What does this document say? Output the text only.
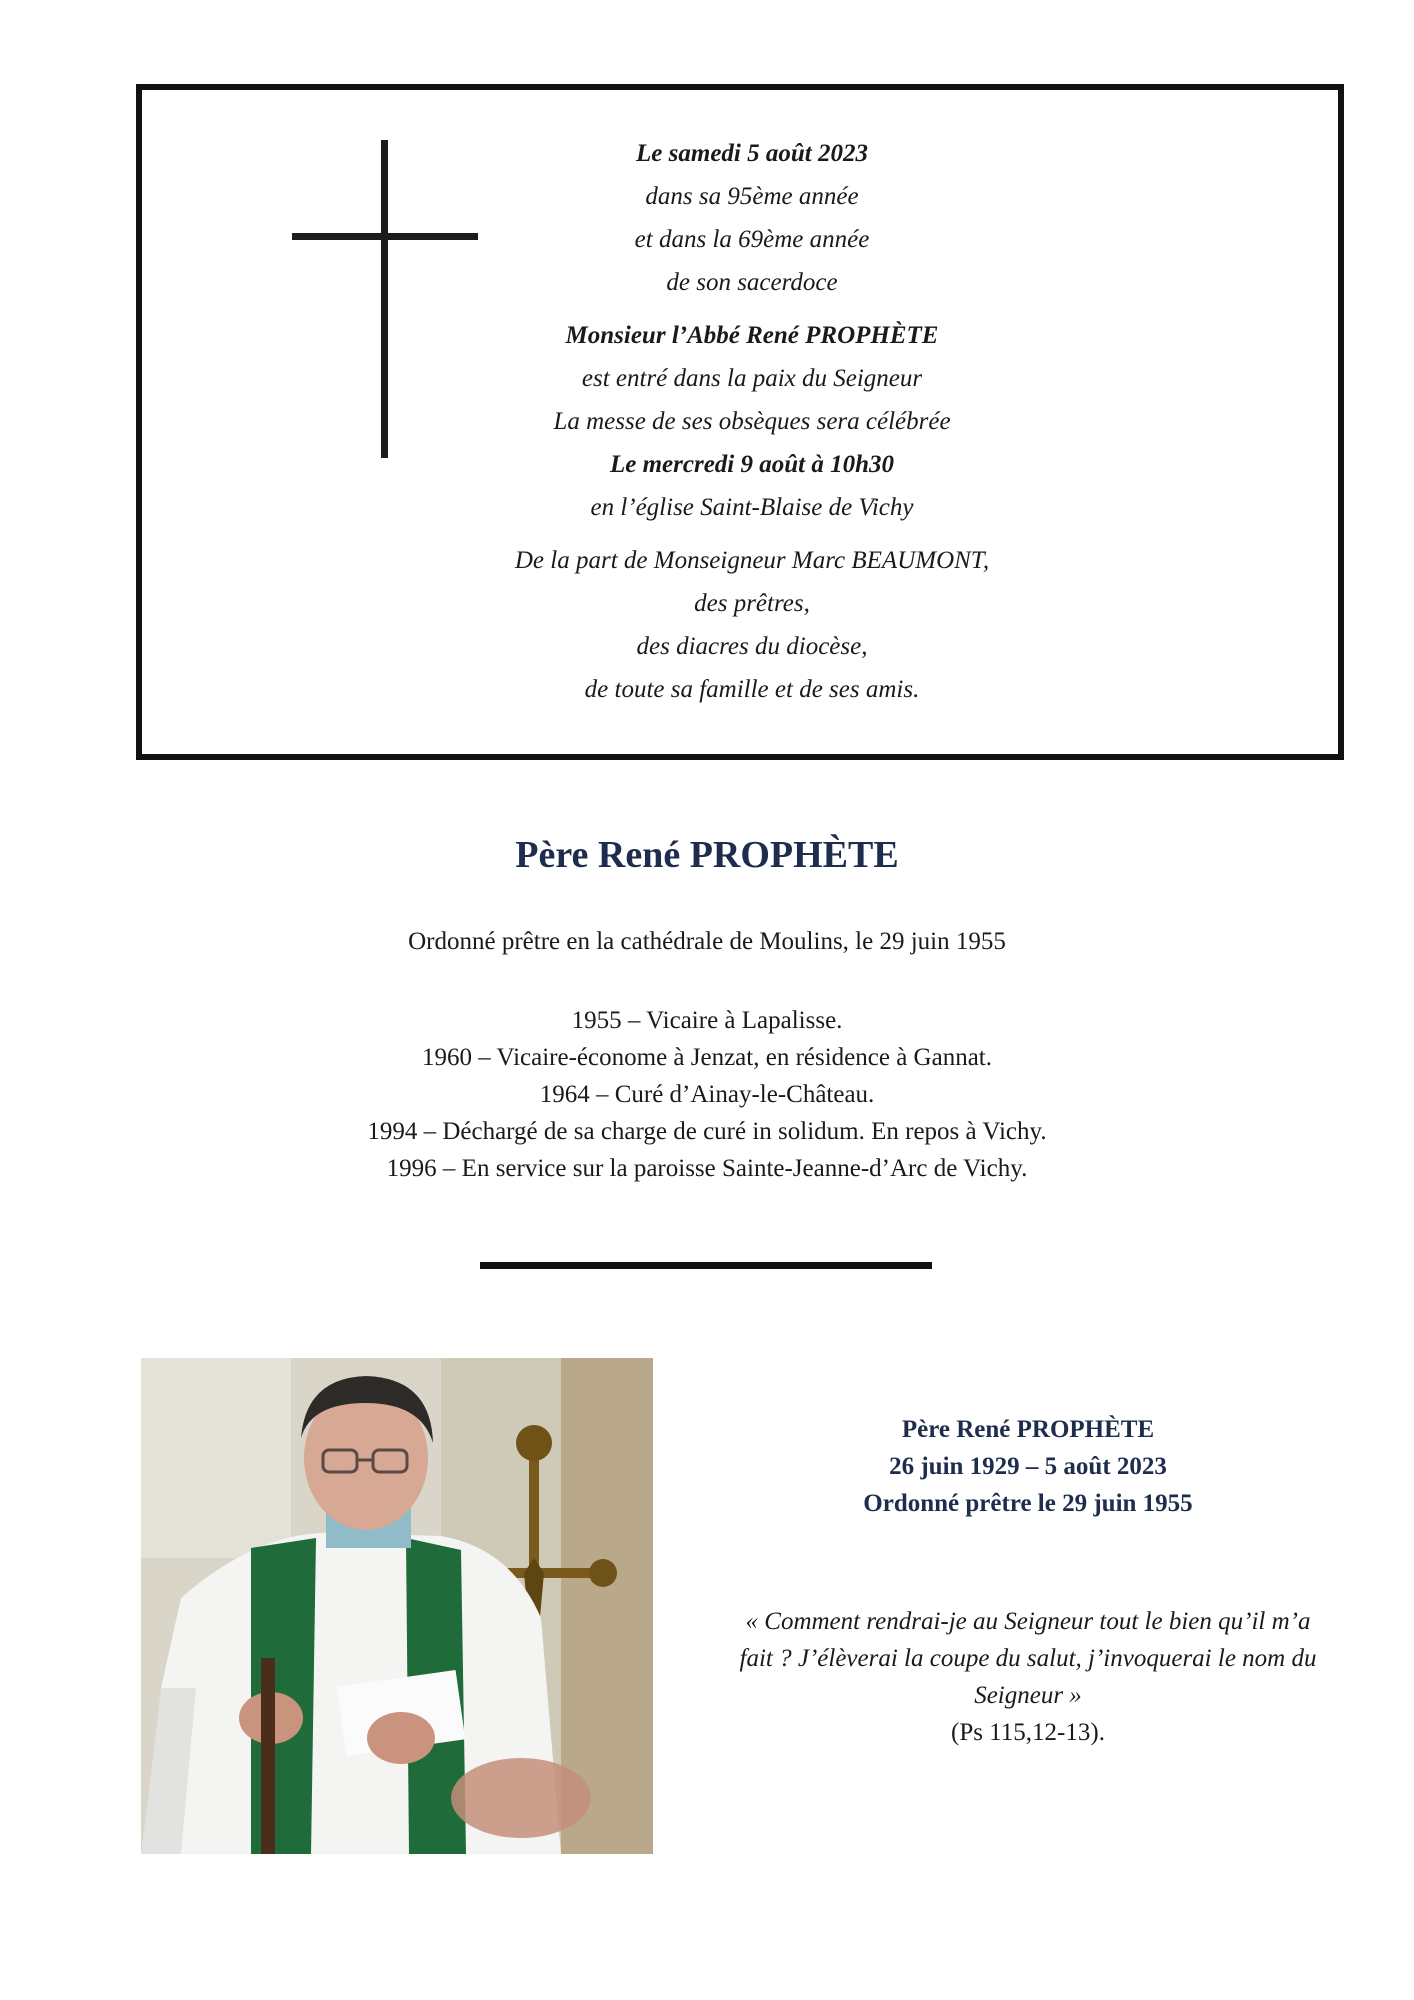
Le samedi 5 août 2023
dans sa 95ème année
et dans la 69ème année
de son sacerdoce
Monsieur l’Abbé René PROPHÈTE
est entré dans la paix du Seigneur
La messe de ses obsèques sera célébrée
Le mercredi 9 août à 10h30
en l’église Saint-Blaise de Vichy
De la part de Monseigneur Marc BEAUMONT,
des prêtres,
des diacres du diocèse,
de toute sa famille et de ses amis.
Père René PROPHÈTE
Ordonné prêtre en la cathédrale de Moulins, le 29 juin 1955
1955 – Vicaire à Lapalisse.
1960 – Vicaire-économe à Jenzat, en résidence à Gannat.
1964 – Curé d’Ainay-le-Château.
1994 – Déchargé de sa charge de curé in solidum. En repos à Vichy.
1996 – En service sur la paroisse Sainte-Jeanne-d’Arc de Vichy.
Père René PROPHÈTE
26 juin 1929 – 5 août 2023
Ordonné prêtre le 29 juin 1955
« Comment rendrai-je au Seigneur tout le bien qu’il m’a
fait ? J’élèverai la coupe du salut, j’invoquerai le nom du
Seigneur »
(Ps 115,12-13).
